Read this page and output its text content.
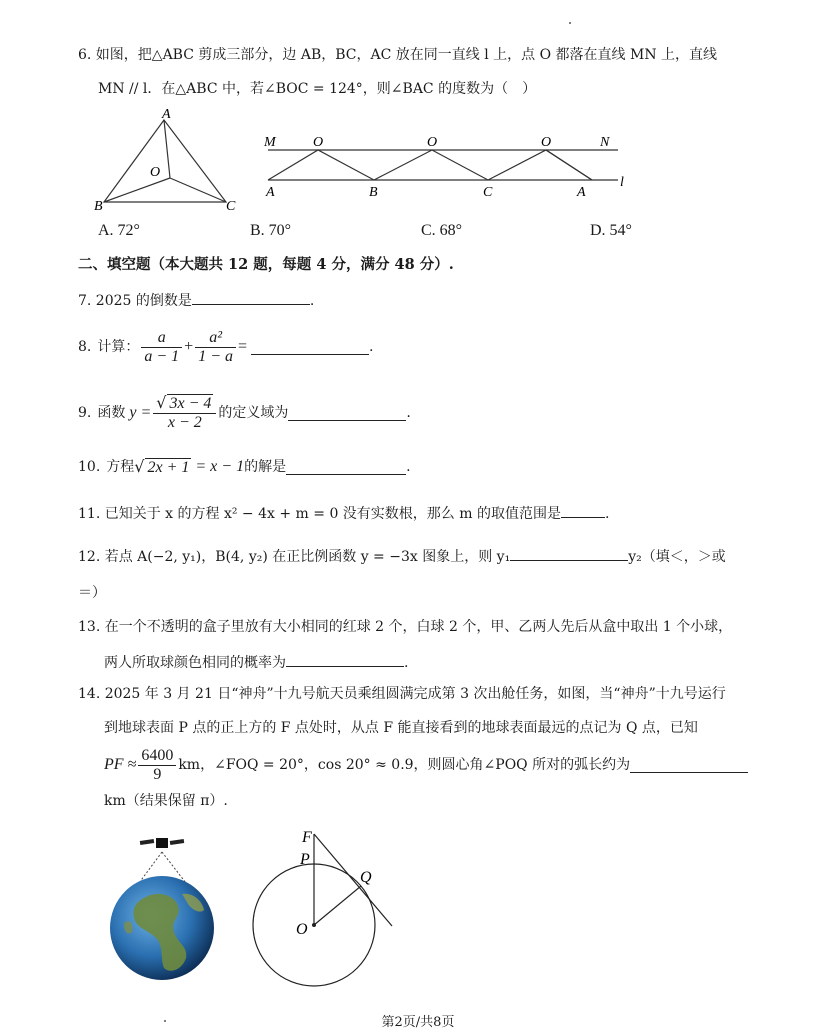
6. 如图，把△ABC 剪成三部分，边 AB，BC，AC 放在同一直线 l 上，点 O 都落在直线 MN 上，直线
MN // l．在△ABC 中，若∠BOC = 124°，则∠BAC 的度数为（　）
A
O
B	C
M	O	O	O	N
A	B	C	A
l
A. 72°	B. 70°	C. 68°	D. 54°
二、填空题（本大题共 12 题，每题 4 分，满分 48 分）.
7. 2025 的倒数是	.
8. 计算： $\frac{a}{a - 1} + \frac{\text{a²}}{1 - a}$ =	.
9. 函数 $y = \frac{√ 3x - 4}{x - 2}$ 的定义域为	.
10. 方程 √ 2x + 1 = x − 1 的解是	.
11. 已知关于 x 的方程 x² − 4x + m = 0 没有实数根，那么 m 的取值范围是	.
12. 若点 A(−2, y₁)，B(4, y₂) 在正比例函数 y = −3x 图象上，则 y₁	y₂（填＜，＞或
＝）
13. 在一个不透明的盒子里放有大小相同的红球 2 个，白球 2 个，甲、乙两人先后从盒中取出 1 个小球，
两人所取球颜色相同的概率为	.
14. 2025 年 3 月 21 日“神舟”十九号航天员乘组圆满完成第 3 次出舱任务，如图，当“神舟”十九号运行
到地球表面 P 点的正上方的 F 点处时，从点 F 能直接看到的地球表面最远的点记为 Q 点，已知
PF ≈ $\frac{6400}{9}$ km，∠FOQ = 20°，cos 20° ≈ 0.9，则圆心角∠POQ 所对的弧长约为
km（结果保留 π）.
F
P
Q
O
第2页/共8页
